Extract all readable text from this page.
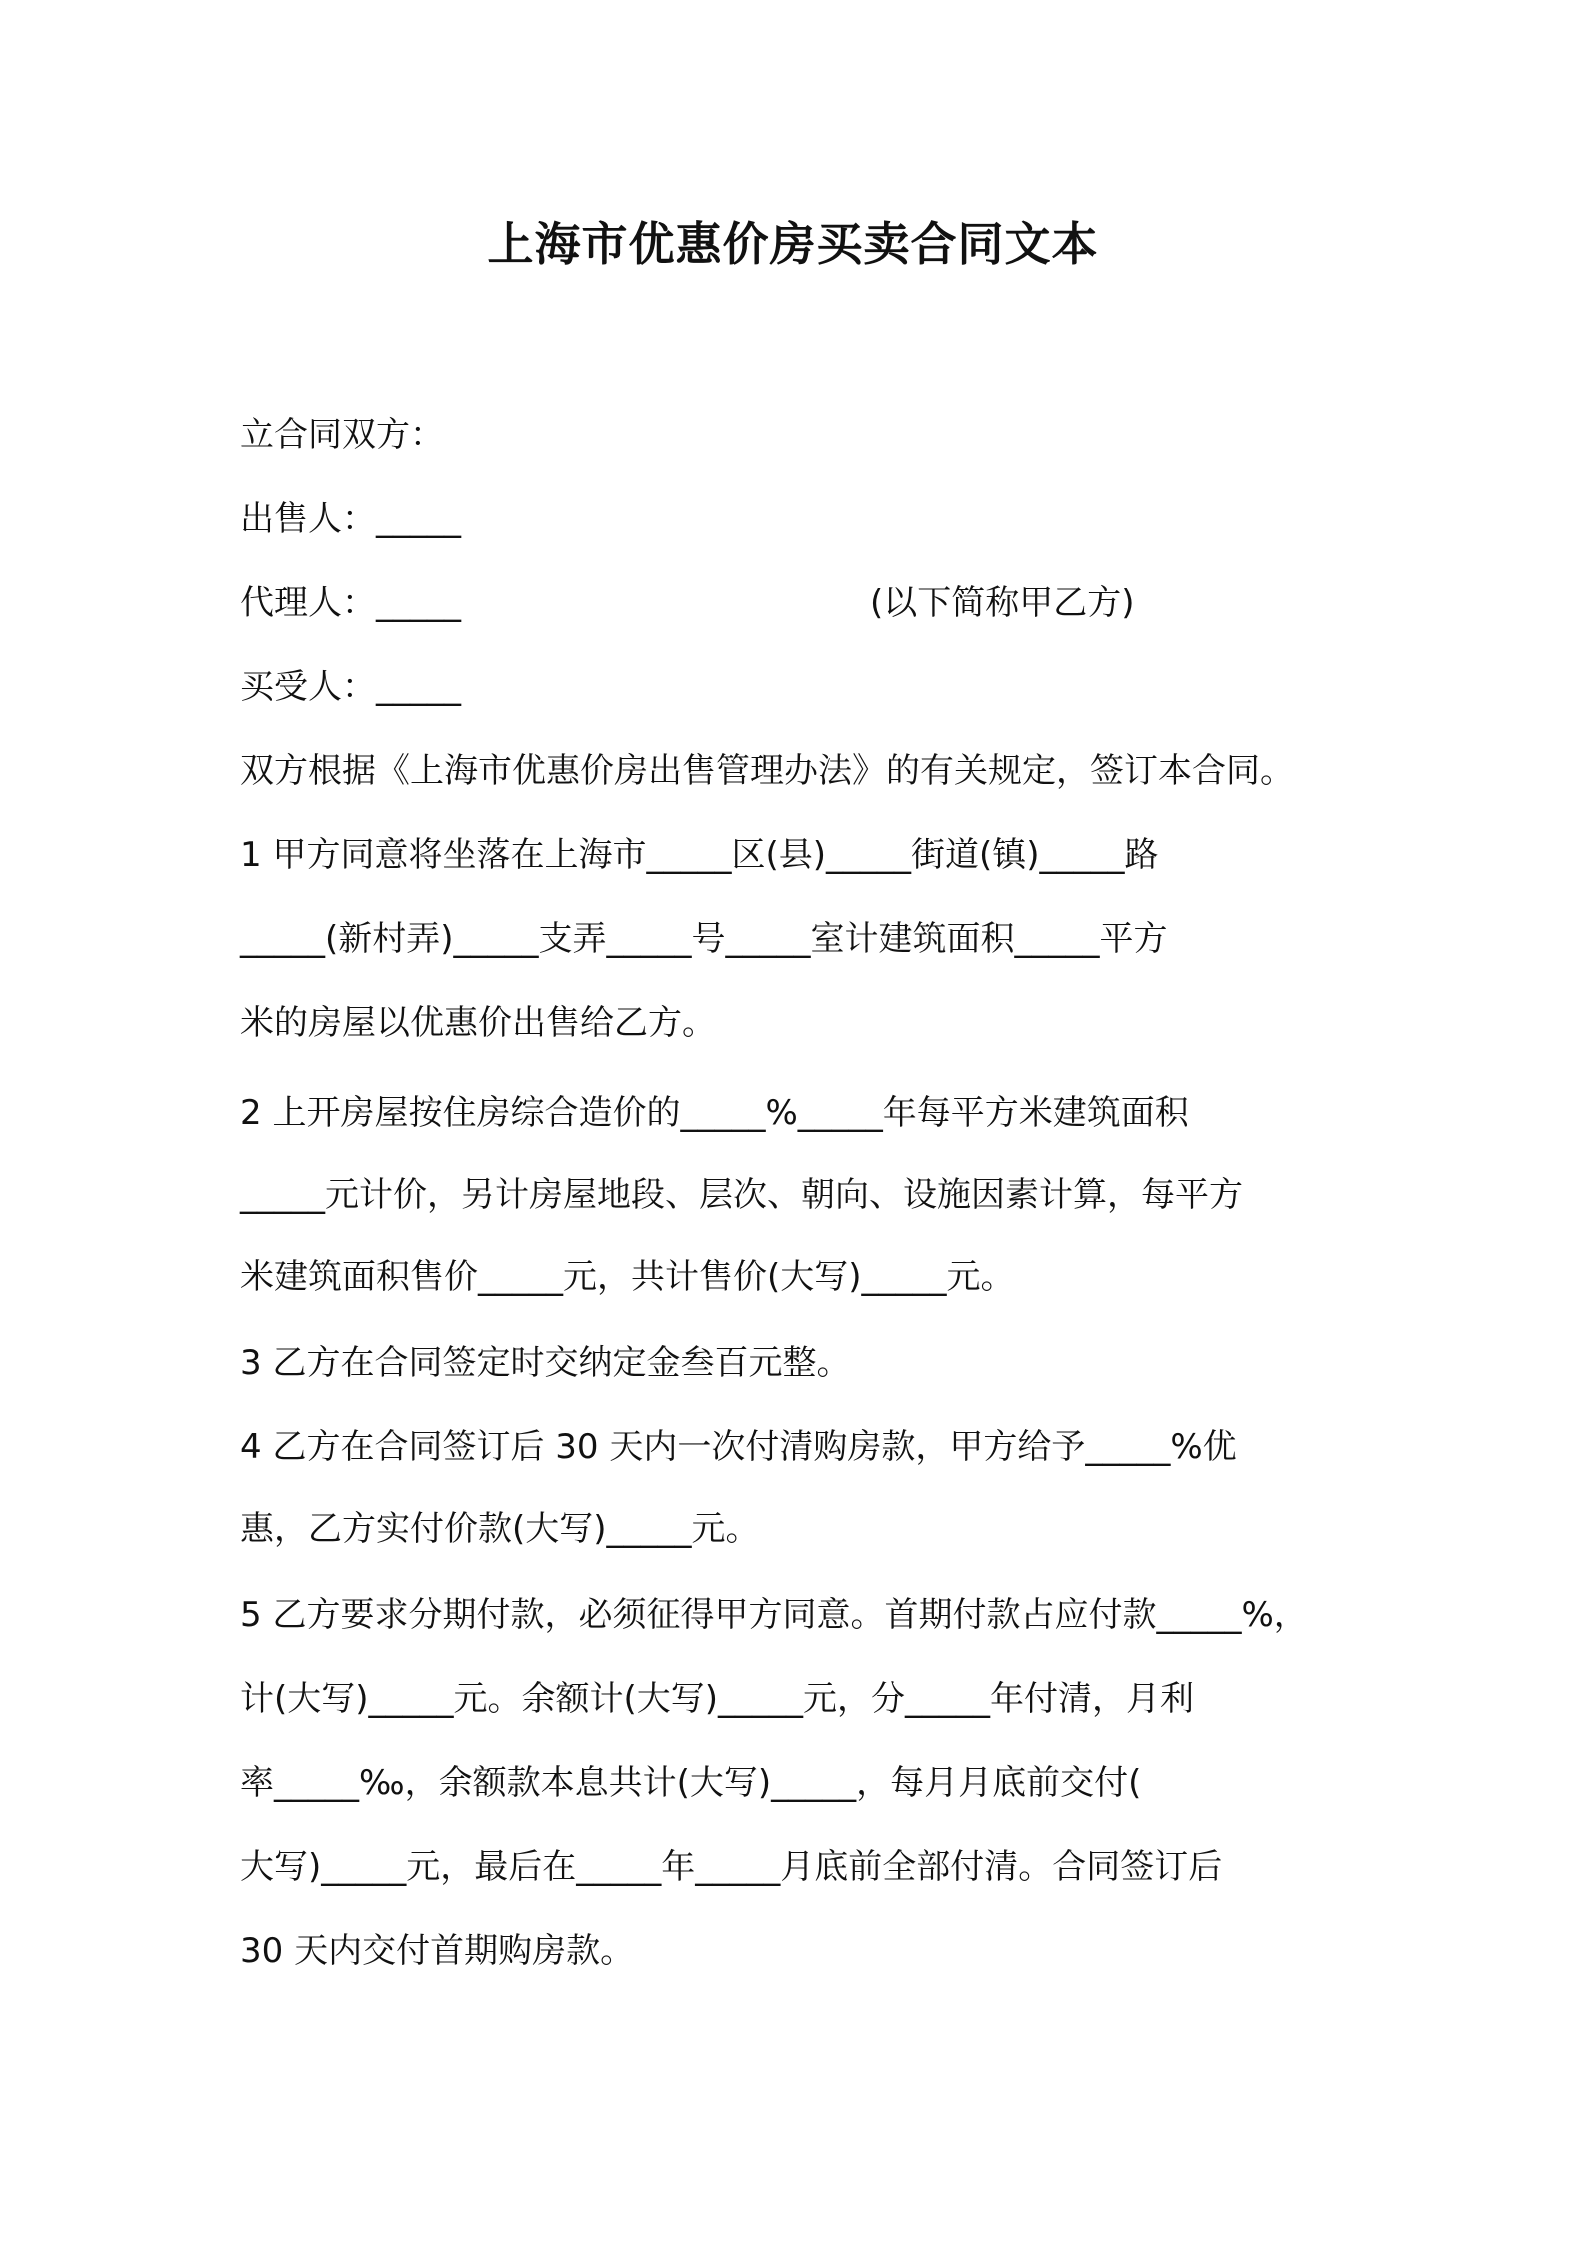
上海市优惠价房买卖合同文本
立合同双方：
出售人：_____
代理人：_____	(以下简称甲乙方)
买受人：_____
双方根据《上海市优惠价房出售管理办法》的有关规定，签订本合同。
1 甲方同意将坐落在上海市_____区(县)_____街道(镇)_____路
_____(新村弄)_____支弄_____号_____室计建筑面积_____平方
米的房屋以优惠价出售给乙方。
2 上开房屋按住房综合造价的_____%_____年每平方米建筑面积
_____元计价，另计房屋地段、层次、朝向、设施因素计算，每平方
米建筑面积售价_____元，共计售价(大写)_____元。
3 乙方在合同签定时交纳定金叁百元整。
4 乙方在合同签订后 30 天内一次付清购房款，甲方给予_____%优
惠，乙方实付价款(大写)_____元。
5 乙方要求分期付款，必须征得甲方同意。首期付款占应付款_____%，
计(大写)_____元。余额计(大写)_____元，分_____年付清，月利
率_____‰，余额款本息共计(大写)_____，每月月底前交付(
大写)_____元，最后在_____年_____月底前全部付清。合同签订后
30 天内交付首期购房款。
